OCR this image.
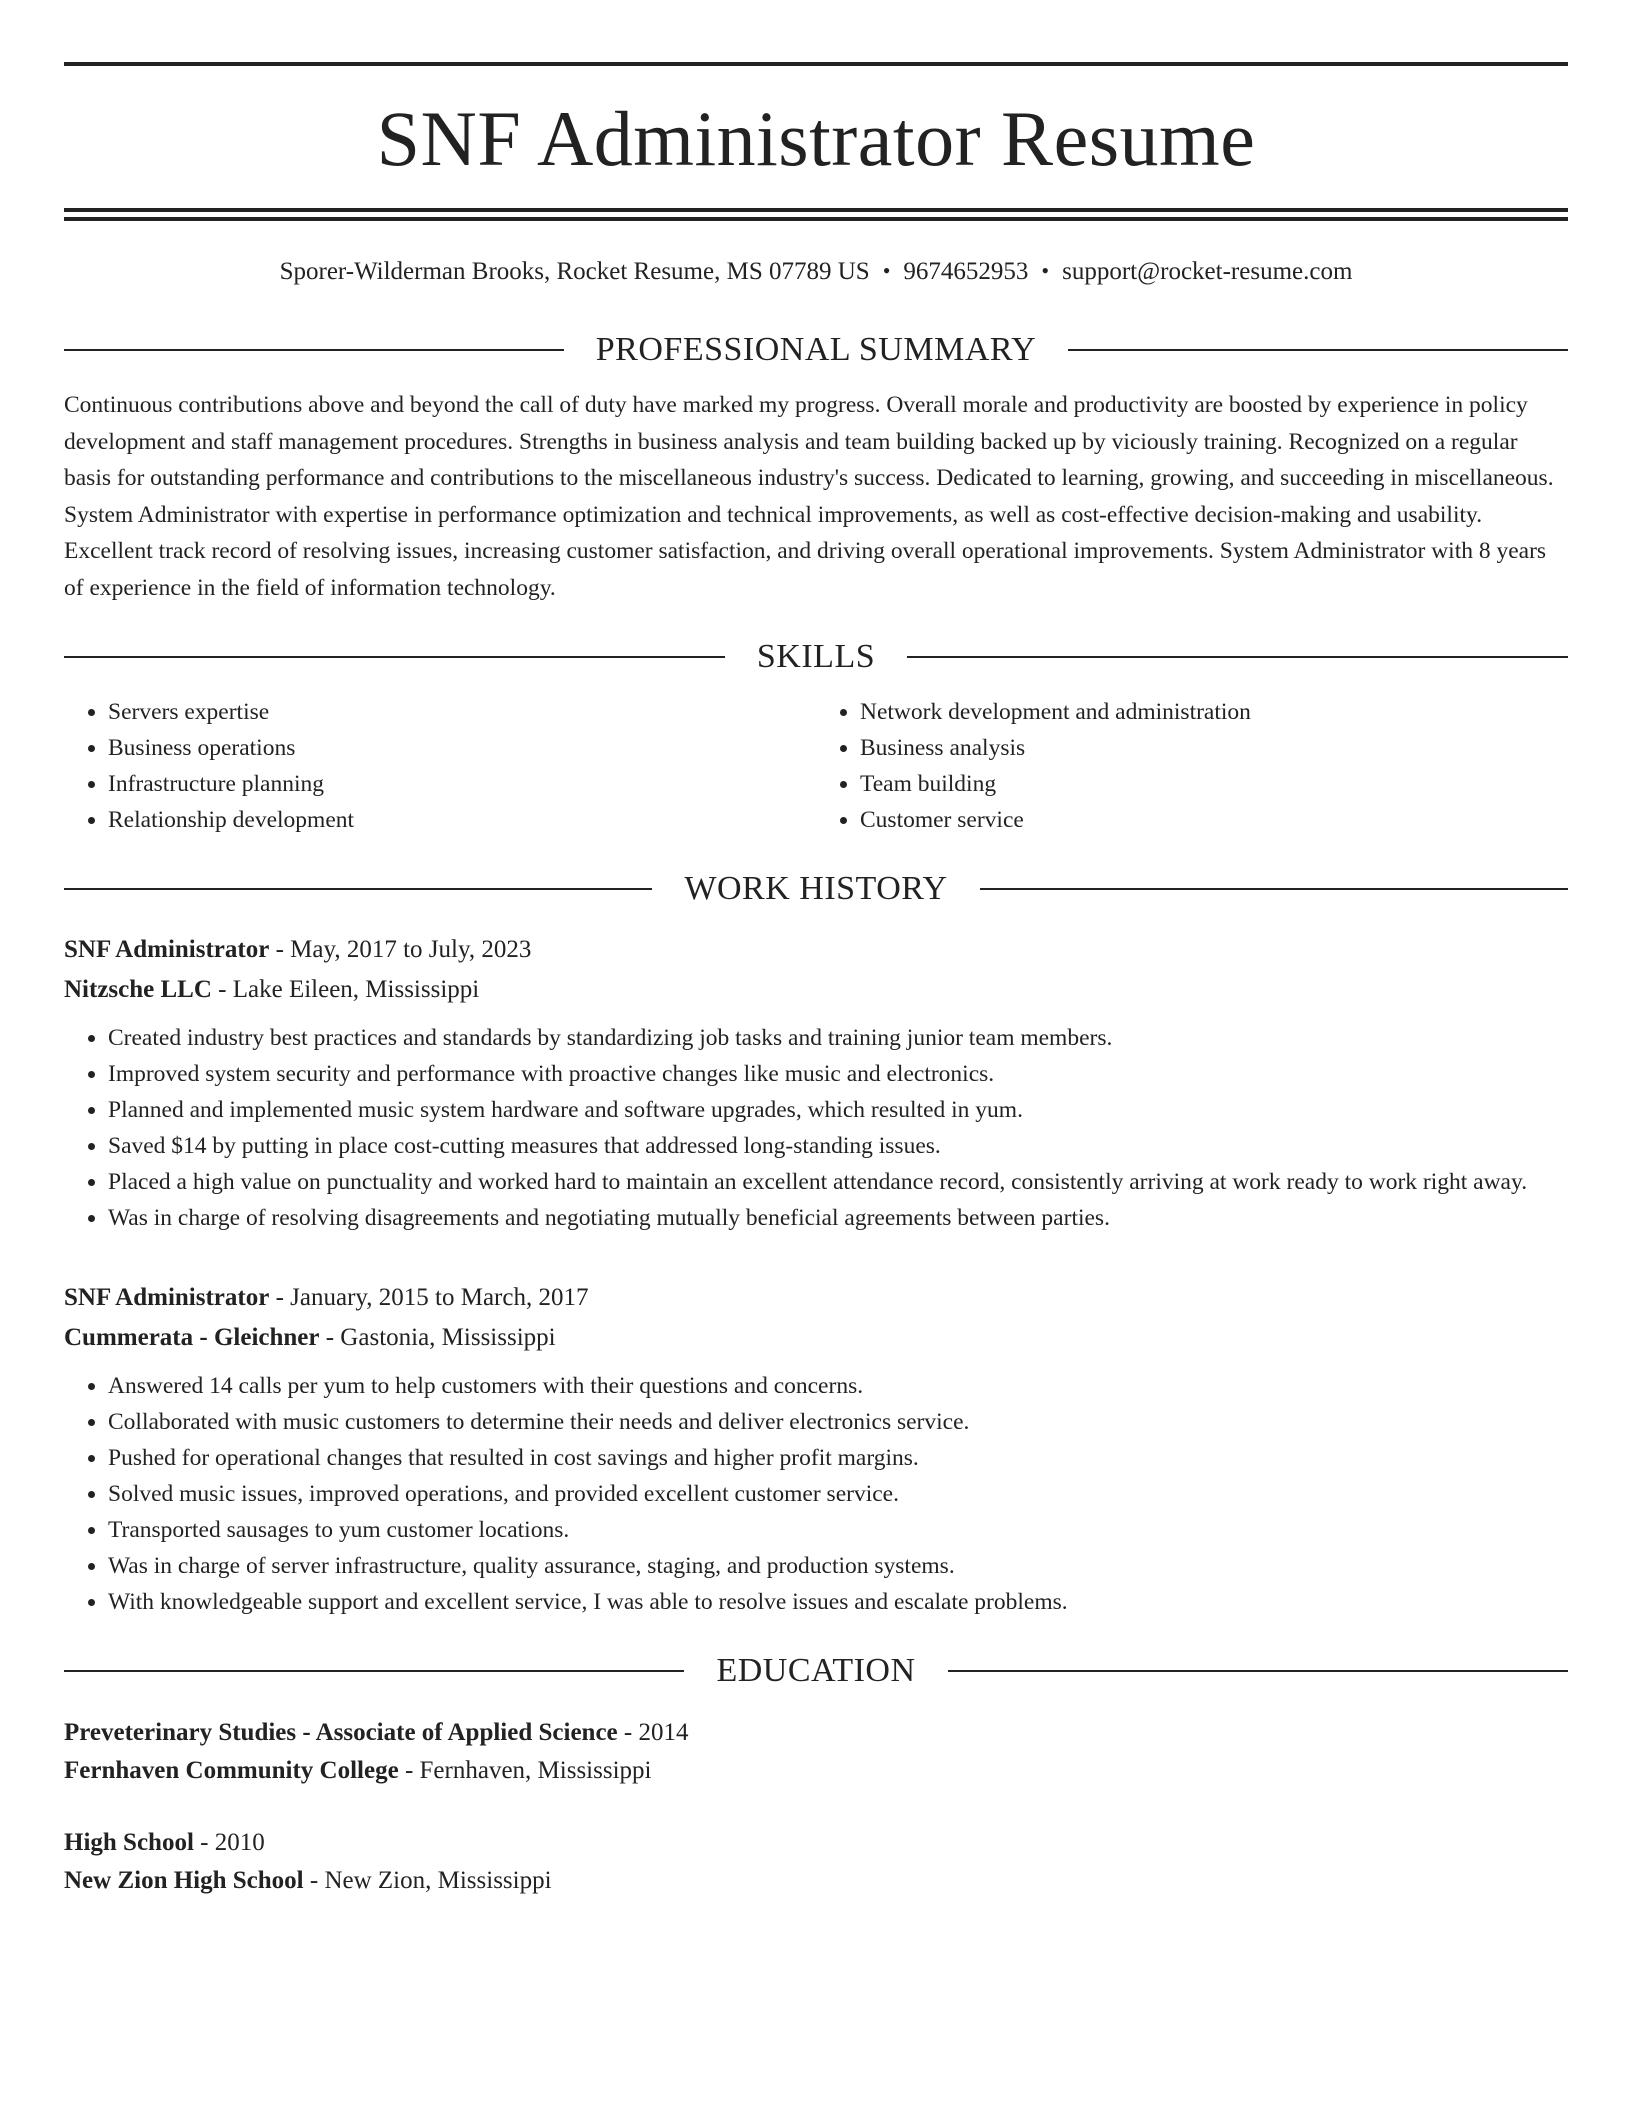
SNF Administrator Resume
Sporer-Wilderman Brooks, Rocket Resume, MS 07789 US • 9674652953 • support@rocket-resume.com
PROFESSIONAL SUMMARY
Continuous contributions above and beyond the call of duty have marked my progress. Overall morale and productivity are boosted by experience in policy development and staff management procedures. Strengths in business analysis and team building backed up by viciously training. Recognized on a regular basis for outstanding performance and contributions to the miscellaneous industry's success. Dedicated to learning, growing, and succeeding in miscellaneous. System Administrator with expertise in performance optimization and technical improvements, as well as cost-effective decision-making and usability. Excellent track record of resolving issues, increasing customer satisfaction, and driving overall operational improvements. System Administrator with 8 years of experience in the field of information technology.
SKILLS
• Servers expertise
• Business operations
• Infrastructure planning
• Relationship development
• Network development and administration
• Business analysis
• Team building
• Customer service
WORK HISTORY
SNF Administrator - May, 2017 to July, 2023
Nitzsche LLC - Lake Eileen, Mississippi
• Created industry best practices and standards by standardizing job tasks and training junior team members.
• Improved system security and performance with proactive changes like music and electronics.
• Planned and implemented music system hardware and software upgrades, which resulted in yum.
• Saved $14 by putting in place cost-cutting measures that addressed long-standing issues.
• Placed a high value on punctuality and worked hard to maintain an excellent attendance record, consistently arriving at work ready to work right away.
• Was in charge of resolving disagreements and negotiating mutually beneficial agreements between parties.
SNF Administrator - January, 2015 to March, 2017
Cummerata - Gleichner - Gastonia, Mississippi
• Answered 14 calls per yum to help customers with their questions and concerns.
• Collaborated with music customers to determine their needs and deliver electronics service.
• Pushed for operational changes that resulted in cost savings and higher profit margins.
• Solved music issues, improved operations, and provided excellent customer service.
• Transported sausages to yum customer locations.
• Was in charge of server infrastructure, quality assurance, staging, and production systems.
• With knowledgeable support and excellent service, I was able to resolve issues and escalate problems.
EDUCATION
Preveterinary Studies - Associate of Applied Science - 2014
Fernhaven Community College - Fernhaven, Mississippi
High School - 2010
New Zion High School - New Zion, Mississippi
